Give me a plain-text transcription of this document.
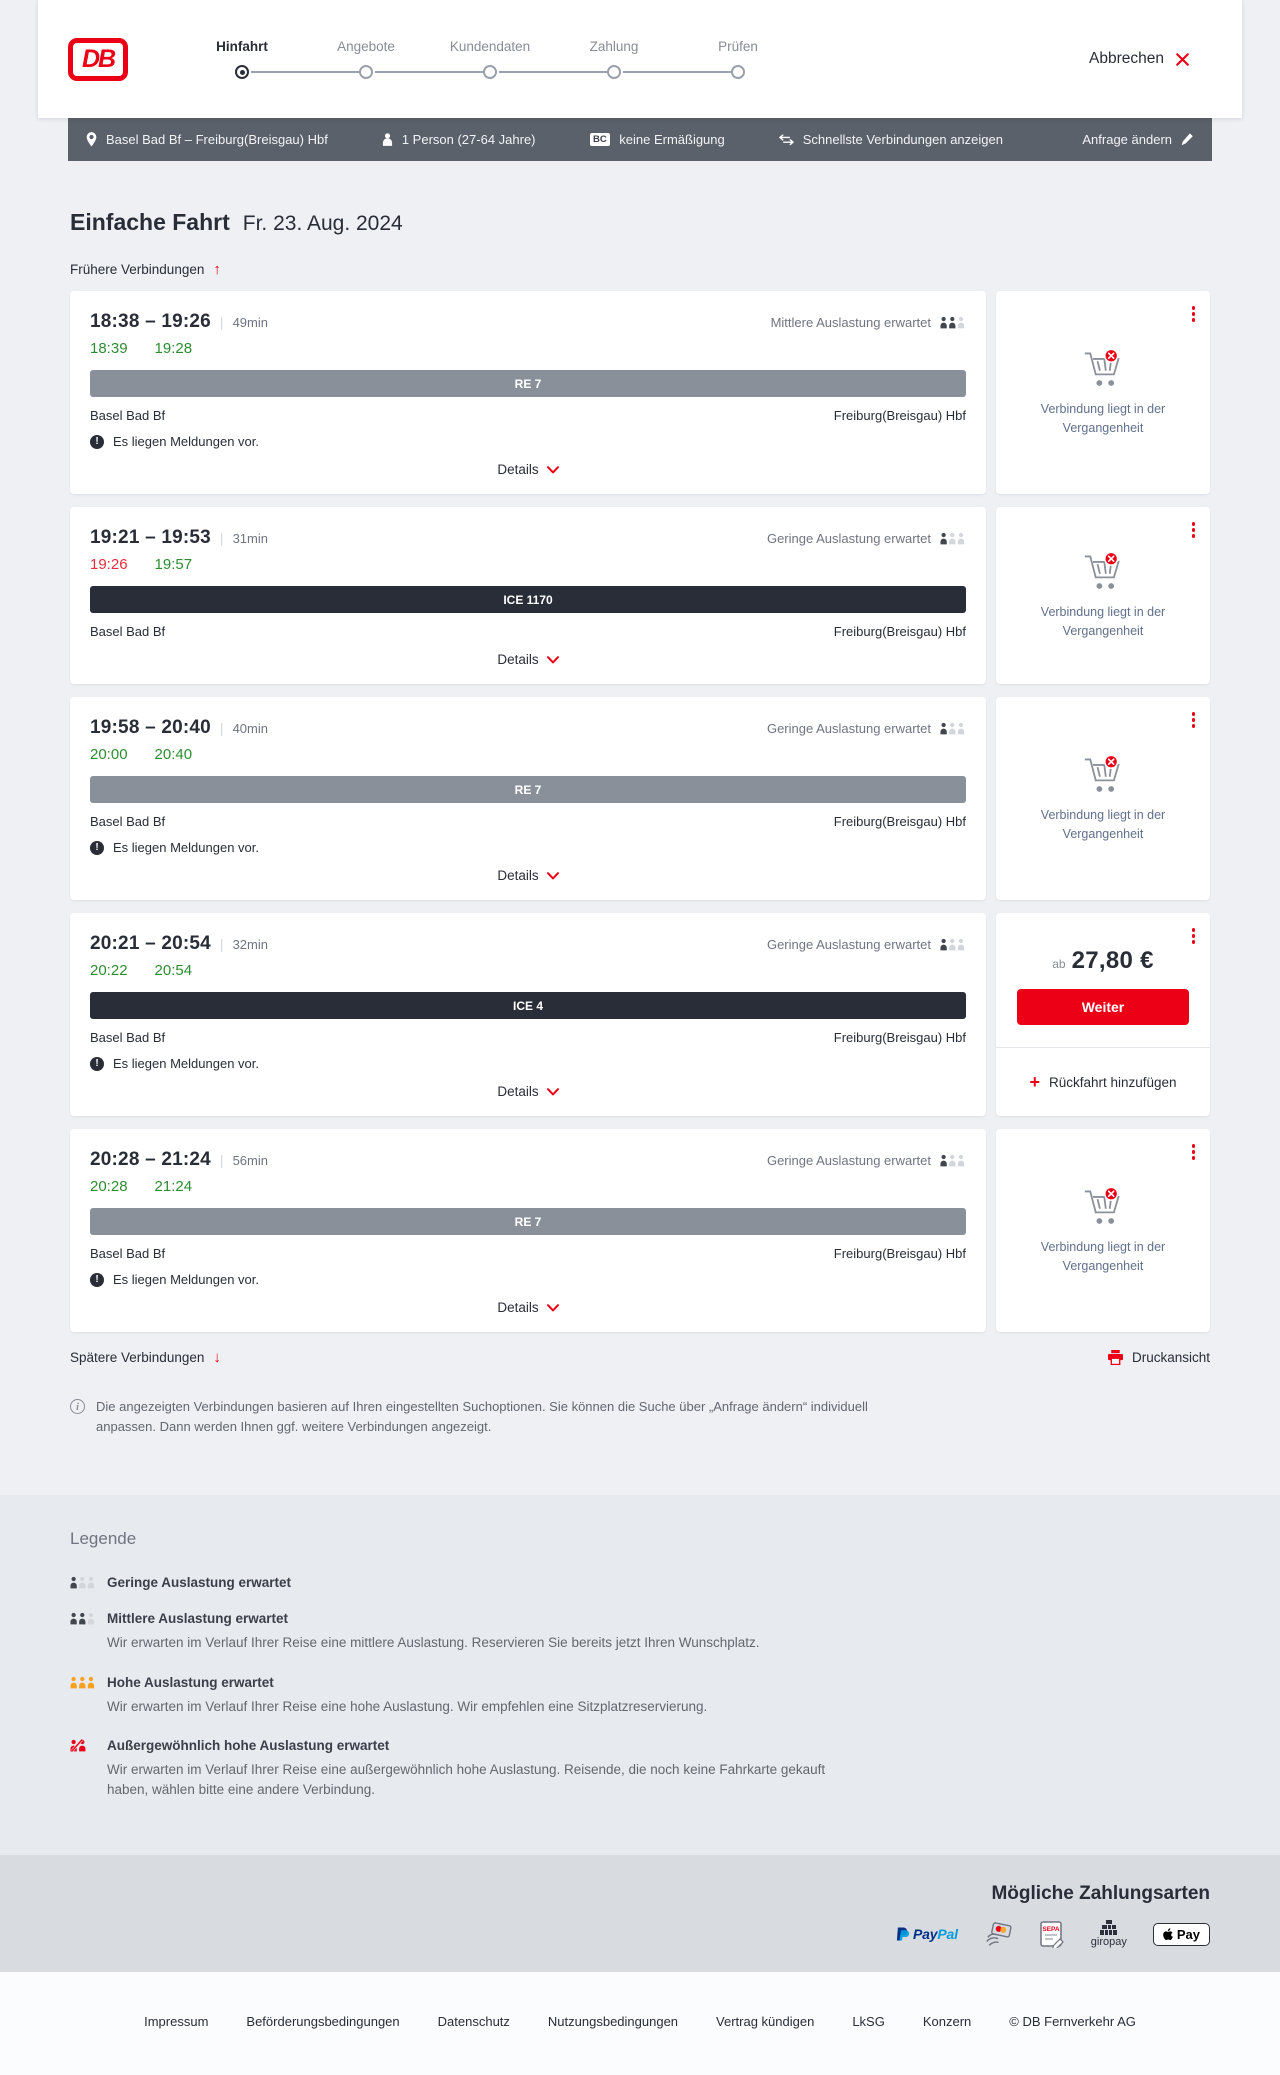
DB	Hinfahrt	Angebote	Kundendaten	Zahlung	Prüfen
Abbrechen
Basel Bad Bf – Freiburg(Breisgau) Hbf	1 Person (27-64 Jahre)	BC keine Ermäßigung	Schnellste Verbindungen anzeigen	Anfrage ändern
Einfache Fahrt Fr. 23. Aug. 2024
Frühere Verbindungen ↑
18:38 – 19:26 | 49min	Mittlere Auslastung erwartet
18:39 19:28
RE 7
Basel Bad Bf	Freiburg(Breisgau) Hbf
!	Es liegen Meldungen vor.
Details
Verbindung liegt in der Vergangenheit
19:21 – 19:53 | 31min	Geringe Auslastung erwartet
19:26 19:57
ICE 1170
Basel Bad Bf	Freiburg(Breisgau) Hbf
Details
Verbindung liegt in der Vergangenheit
19:58 – 20:40 | 40min	Geringe Auslastung erwartet
20:00 20:40
RE 7
Basel Bad Bf	Freiburg(Breisgau) Hbf
!	Es liegen Meldungen vor.
Details
Verbindung liegt in der Vergangenheit
20:21 – 20:54 | 32min	Geringe Auslastung erwartet
20:22 20:54
ICE 4
Basel Bad Bf	Freiburg(Breisgau) Hbf
!	Es liegen Meldungen vor.
Details
ab 27,80 €
Weiter
+ Rückfahrt hinzufügen
20:28 – 21:24 | 56min	Geringe Auslastung erwartet
20:28 21:24
RE 7
Basel Bad Bf	Freiburg(Breisgau) Hbf
!	Es liegen Meldungen vor.
Details
Verbindung liegt in der Vergangenheit
Spätere Verbindungen ↓	Druckansicht
i	Die angezeigten Verbindungen basieren auf Ihren eingestellten Suchoptionen. Sie können die Suche über „Anfrage ändern“ individuell anpassen. Dann werden Ihnen ggf. weitere Verbindungen angezeigt.
Legende
Geringe Auslastung erwartet
Mittlere Auslastung erwartet

Wir erwarten im Verlauf Ihrer Reise eine mittlere Auslastung. Reservieren Sie bereits jetzt Ihren Wunschplatz.

Hohe Auslastung erwartet

Wir erwarten im Verlauf Ihrer Reise eine hohe Auslastung. Wir empfehlen eine Sitzplatzreservierung.

Außergewöhnlich hohe Auslastung erwartet

Wir erwarten im Verlauf Ihrer Reise eine außergewöhnlich hohe Auslastung. Reisende, die noch keine Fahrkarte gekauft haben, wählen bitte eine andere Verbindung.

Mögliche Zahlungsarten
PayPal	SEPA
giropay
Pay
Impressum	Beförderungsbedingungen	Datenschutz	Nutzungsbedingungen	Vertrag kündigen	LkSG	Konzern	© DB Fernverkehr AG
